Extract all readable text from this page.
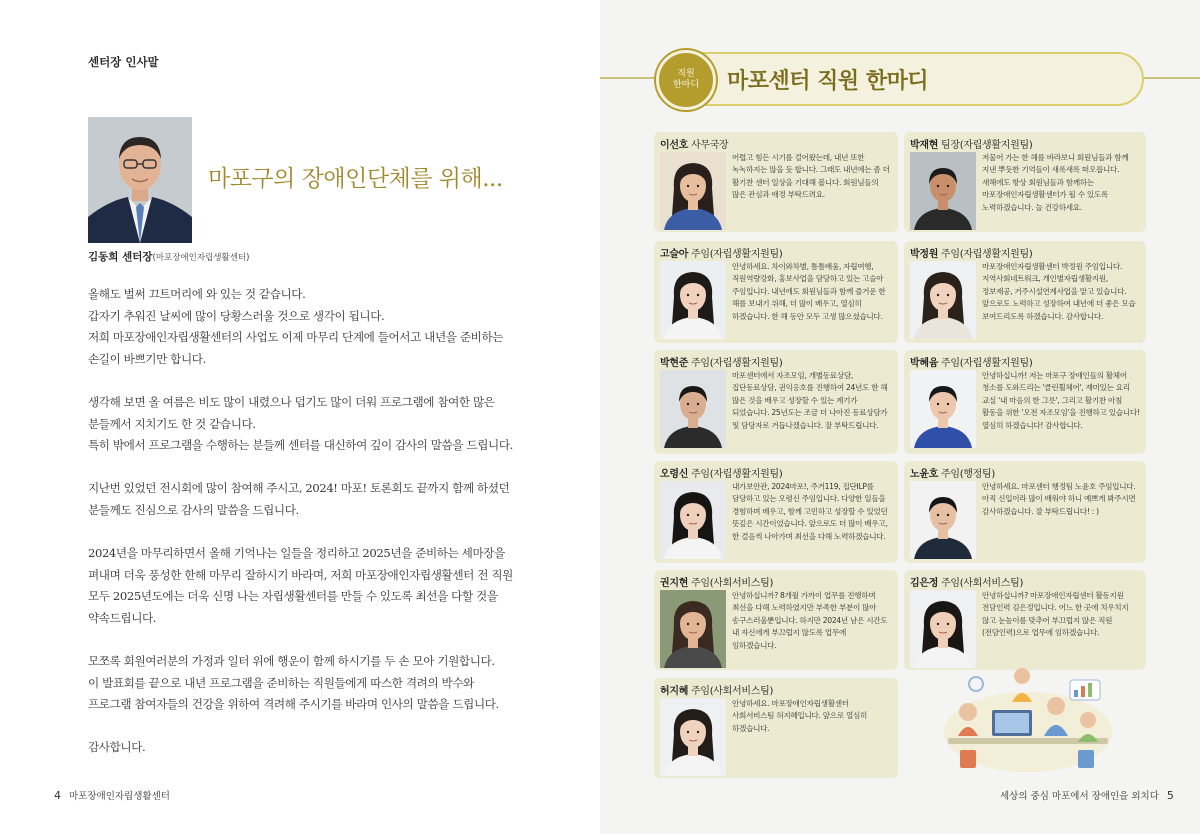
센터장 인사말
마포구의 장애인단체를 위해...
김동희 센터장(마포장애인자립생활센터)

올해도 벌써 끄트머리에 와 있는 것 같습니다.
갑자기 추워진 날씨에 많이 당황스러울 것으로 생각이 됩니다.
저희 마포장애인자립생활센터의 사업도 이제 마무리 단계에 들어서고 내년을 준비하는
손길이 바쁘기만 합니다.

생각해 보면 올 여름은 비도 많이 내렸으나 덥기도 많이 더워 프로그램에 참여한 많은
분들께서 지치기도 한 것 같습니다.
특히 밖에서 프로그램을 수행하는 분들께 센터를 대신하여 깊이 감사의 말씀을 드립니다.

지난번 있었던 전시회에 많이 참여해 주시고, 2024! 마포! 토론회도 끝까지 함께 하셨던
분들께도 진심으로 감사의 말씀을 드립니다.

2024년을 마무리하면서 올해 기억나는 일들을 정리하고 2025년을 준비하는 세마장을
펴내며 더욱 풍성한 한해 마무리 잘하시기 바라며, 저희 마포장애인자립생활센터 전 직원
모두 2025년도에는 더욱 신명 나는 자립생활센터를 만들 수 있도록 최선을 다할 것을
약속드립니다.

모쪼록 회원여러분의 가정과 일터 위에 행운이 함께 하시기를 두 손 모아 기원합니다.
이 발표회를 끝으로 내년 프로그램을 준비하는 직원들에게 따스한 격려의 박수와
프로그램 참여자들의 건강을 위하여 격려해 주시기를 바라며 인사의 말씀을 드립니다.

감사합니다.

4 마포장애인자립생활센터
직원 한마디 마포센터 직원 한마디
이선호 사무국장
어렵고 힘든 시기를 걸어왔는데, 내년 또한 녹녹하지는 않을 듯 합니다. 그래도 내년에는 좀 더 활기찬 센터 일상을 기대해 봅니다. 회원님들의 많은 관심과 애정 부탁드려요.
박재현 팀장(자립생활지원팀)
저물어 가는 한 해를 바라보니 회원님들과 함께 지낸 뿌듯한 기억들이 새록새록 떠오릅니다. 새해에도 항상 회원님들과 함께하는 마포장애인자립생활센터가 될 수 있도록 노력하겠습니다. 늘 건강하세요.
고슬아 주임(자립생활지원팀)
안녕하세요. 차이와차별, 틈틈배움, 자립여행, 직원역량강화, 홍보사업을 담당하고 있는 고슬아 주임입니다. 내년에도 회원님들과 함께 즐거운 한 해를 보내기 위해, 더 많이 배우고, 열심히 하겠습니다. 한 해 동안 모두 고생 많으셨습니다.
박정원 주임(자립생활지원팀)
마포장애인자립생활센터 박정원 주임입니다. 지역사회네트워크, 개인별자립생활지원, 정보제공, 거주시설연계사업을 맡고 있습니다. 앞으로도 노력하고 성장하여 내년에 더 좋은 모습 보여드리도록 하겠습니다. 감사합니다.
박현준 주임(자립생활지원팀)
마포센터에서 자조모임, 개별동료상담, 집단동료상담, 권익옹호를 진행하여 24년도 한 해 많은 것을 배우고 성장할 수 있는 계기가 되었습니다. 25년도는 조금 더 나아진 동료상담가 및 담당자로 거듭나겠습니다. 잘 부탁드립니다.
박혜윰 주임(자립생활지원팀)
안녕하십니까! 저는 마포구 장애인들의 활체어 청소를 도와드리는 '클린휠체어', 재미있는 요리 교실 '내 마음의 한 그릇', 그리고 활기찬 아침 활동을 위한 '오전 자조모임'을 진행하고 있습니다! 열심히 하겠습니다! 감사합니다.
오령신 주임(자립생활지원팀)
내가보안관, 2024마포!, 주거119, 집단ILP를 담당하고 있는 오령신 주임입니다. 다양한 일들을 경험하며 배우고, 함께 고민하고 성장할 수 있었던 뜻깊은 시간이었습니다. 앞으로도 더 많이 배우고, 한 걸음씩 나아가며 최선을 다해 노력하겠습니다.
노윤호 주임(행정팀)
안녕하세요. 마포센터 행정팀 노윤호 주임입니다. 아직 신입이라 많이 배워야 하니 예쁘게 봐주시면 감사하겠습니다. 잘 부탁드립니다! : )
권지현 주임(사회서비스팀)
안녕하십니까? 8개월 가까이 업무를 진행하며 최선을 다해 노력하였지만 부족한 부분이 많아 송구스러울뿐입니다. 하지만 2024년 남은 시간도 내 자신에게 부끄럽지 않도록 업무에 임하겠습니다.
김은정 주임(사회서비스팀)
안녕하십니까? 마포장애인자립센터 활동지원 전담인력 김은정입니다. 어느 한 곳에 치우치지 않고 눈높이를 맞추어 부끄럽지 않은 직원(전담인력)으로 업무에 임하겠습니다.
허지혜 주임(사회서비스팀)
안녕하세요. 마포장애인자립생활센터 사회서비스팀 허지혜입니다. 앞으로 열심히 하겠습니다.
세상의 중심 마포에서 장애인을 외치다 5
